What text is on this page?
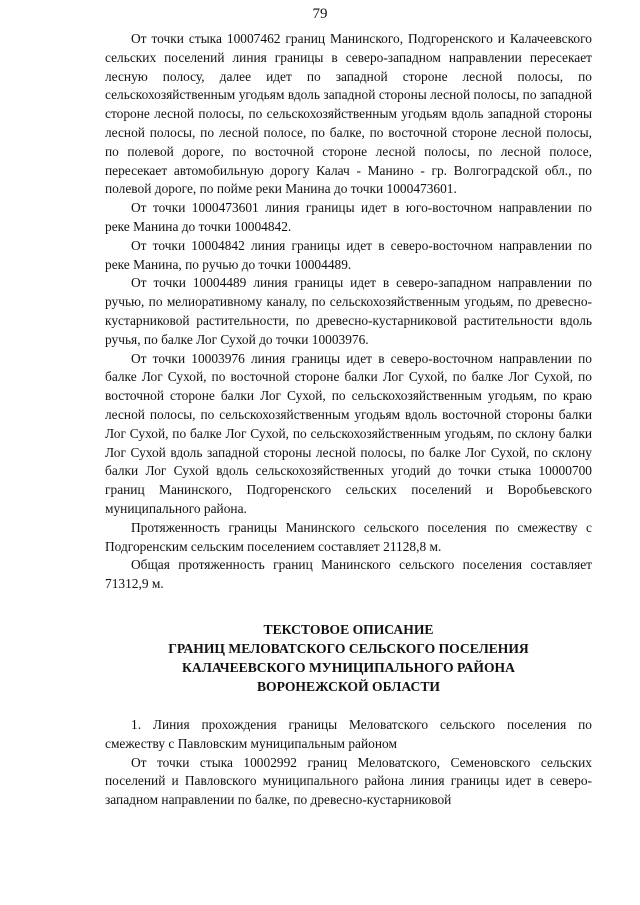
79

От точки стыка 10007462 границ Манинского, Подгоренского и Калачеевского сельских поселений линия границы в северо-западном направлении пересекает лесную полосу, далее идет по западной стороне лесной полосы, по сельскохозяйственным угодьям вдоль западной стороны лесной полосы, по западной стороне лесной полосы, по сельскохозяйственным угодьям вдоль западной стороны лесной полосы, по лесной полосе, по балке, по восточной стороне лесной полосы, по полевой дороге, по восточной стороне лесной полосы, по лесной полосе, пересекает автомобильную дорогу Калач - Манино - гр. Волгоградской обл., по полевой дороге, по пойме реки Манина до точки 1000473601.

От точки 1000473601 линия границы идет в юго-восточном направлении по реке Манина до точки 10004842.

От точки 10004842 линия границы идет в северо-восточном направлении по реке Манина, по ручью до точки 10004489.

От точки 10004489 линия границы идет в северо-западном направлении по ручью, по мелиоративному каналу, по сельскохозяйственным угодьям, по древесно-кустарниковой растительности, по древесно-кустарниковой растительности вдоль ручья, по балке Лог Сухой до точки 10003976.

От точки 10003976 линия границы идет в северо-восточном направлении по балке Лог Сухой, по восточной стороне балки Лог Сухой, по балке Лог Сухой, по восточной стороне балки Лог Сухой, по сельскохозяйственным угодьям, по краю лесной полосы, по сельскохозяйственным угодьям вдоль восточной стороны балки Лог Сухой, по балке Лог Сухой, по сельскохозяйственным угодьям, по склону балки Лог Сухой вдоль западной стороны лесной полосы, по балке Лог Сухой, по склону балки Лог Сухой вдоль сельскохозяйственных угодий до точки стыка 10000700 границ Манинского, Подгоренского сельских поселений и Воробьевского муниципального района.

Протяженность границы Манинского сельского поселения по смежеству с Подгоренским сельским поселением составляет 21128,8 м.

Общая протяженность границ Манинского сельского поселения составляет 71312,9 м.

ТЕКСТОВОЕ ОПИСАНИЕ
ГРАНИЦ МЕЛОВАТСКОГО СЕЛЬСКОГО ПОСЕЛЕНИЯ
КАЛАЧЕЕВСКОГО МУНИЦИПАЛЬНОГО РАЙОНА
ВОРОНЕЖСКОЙ ОБЛАСТИ

1. Линия прохождения границы Меловатского сельского поселения по смежеству с Павловским муниципальным районом

От точки стыка 10002992 границ Меловатского, Семеновского сельских поселений и Павловского муниципального района линия границы идет в северо-западном направлении по балке, по древесно-кустарниковой
